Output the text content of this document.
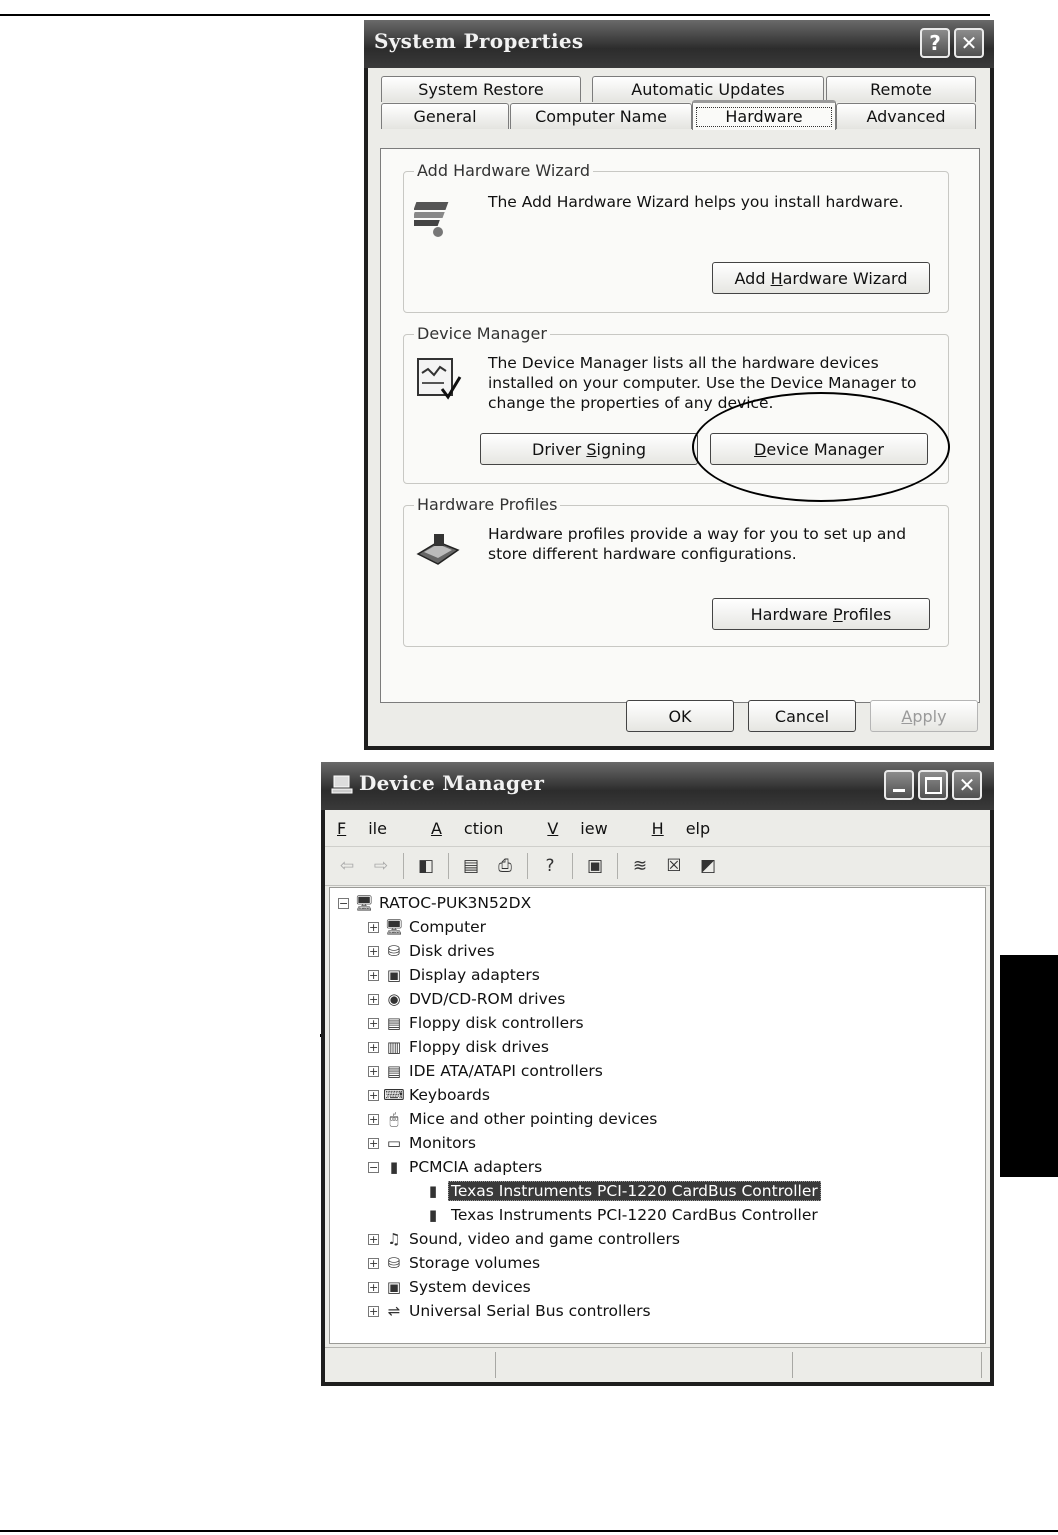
System Properties	? ✕
System Restore	Automatic Updates	Remote
General	Computer Name	Hardware	Advanced
Add Hardware Wizard
The Add Hardware Wizard helps you install hardware.
Add H ardware Wizard
Device Manager
The Device Manager lists all the hardware devices installed on your computer. Use the Device Manager to change the properties of any device.
Driver S igning	D evice Manager
Hardware Profiles
Hardware profiles provide a way for you to set up and store different hardware configurations.
Hardware P rofiles
OK	Cancel	A pply
Device Manager	✕
F ile	A ction	V iew	H elp
⇦ ⇨ ◧ ▤	⎙	?	▣ ≋ ☒ ◩
− 🖥 RATOC-PUK3N52DX
+ 🖥 Computer
+ ⛁ Disk drives
+ ▣ Display adapters
+ ◉ DVD/CD-ROM drives
+ ▤ Floppy disk controllers
+ ▥ Floppy disk drives
+ ▤ IDE ATA/ATAPI controllers
+ ⌨ Keyboards
+ 🖱 Mice and other pointing devices
+ ▭ Monitors
− ▮ PCMCIA adapters
▮ Texas Instruments PCI-1220 CardBus Controller
▮ Texas Instruments PCI-1220 CardBus Controller
+ ♫ Sound, video and game controllers
+ ⛁ Storage volumes
+ ▣ System devices
+ ⇌ Universal Serial Bus controllers
